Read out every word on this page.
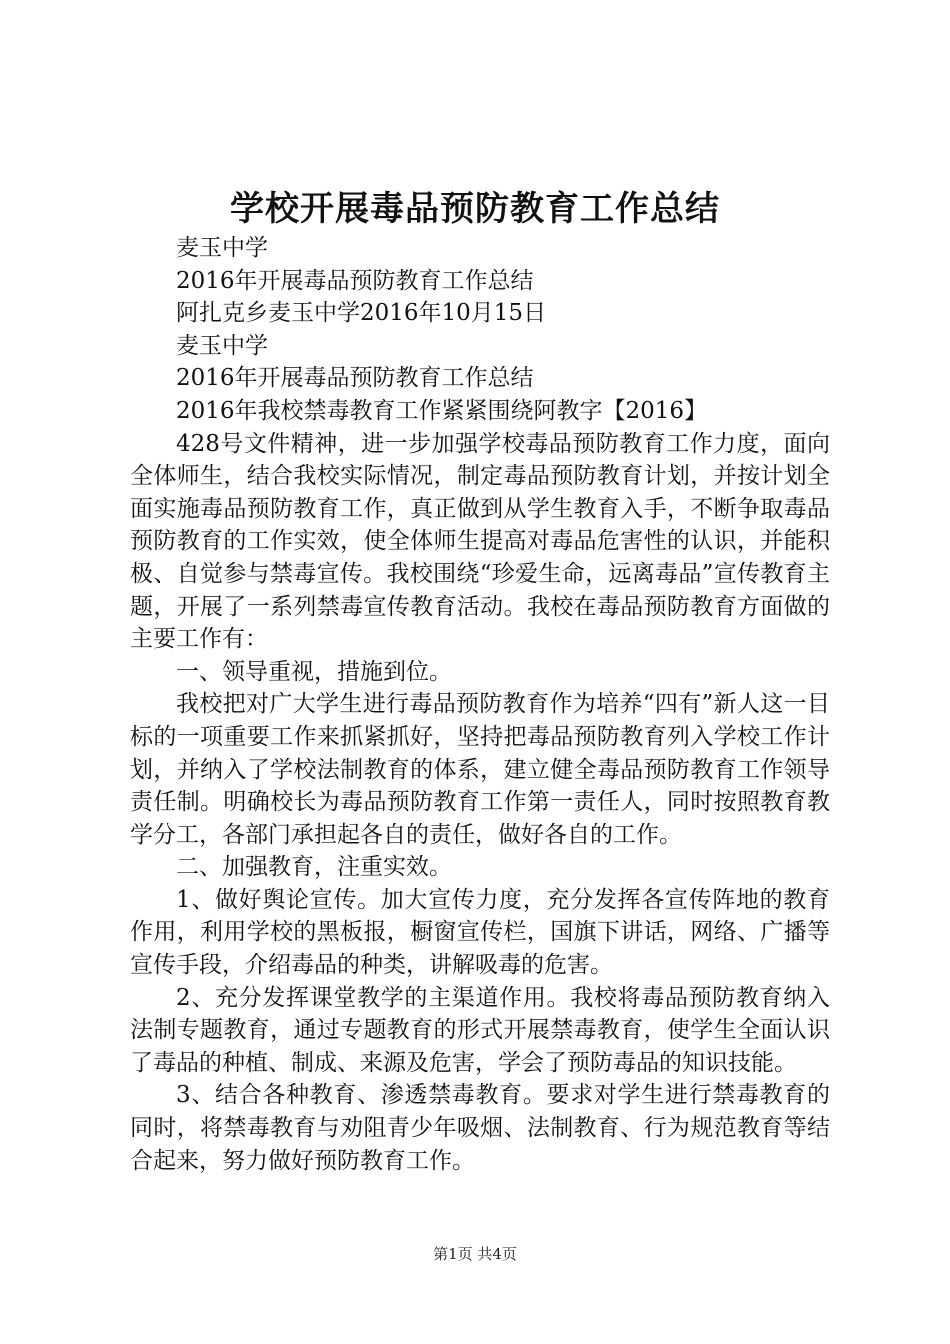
学校开展毒品预防教育工作总结

麦玉中学

2016年开展毒品预防教育工作总结

阿扎克乡麦玉中学2016年10月15日

麦玉中学

2016年开展毒品预防教育工作总结

2016年我校禁毒教育工作紧紧围绕阿教字【2016】

428号文件精神，进一步加强学校毒品预防教育工作力度，面向全体师生，结合我校实际情况，制定毒品预防教育计划，并按计划全面实施毒品预防教育工作，真正做到从学生教育入手，不断争取毒品预防教育的工作实效，使全体师生提高对毒品危害性的认识，并能积极、自觉参与禁毒宣传。我校围绕“珍爱生命，远离毒品”宣传教育主题，开展了一系列禁毒宣传教育活动。我校在毒品预防教育方面做的主要工作有：

一、领导重视，措施到位。

我校把对广大学生进行毒品预防教育作为培养“四有”新人这一目标的一项重要工作来抓紧抓好，坚持把毒品预防教育列入学校工作计划，并纳入了学校法制教育的体系，建立健全毒品预防教育工作领导责任制。明确校长为毒品预防教育工作第一责任人，同时按照教育教学分工，各部门承担起各自的责任，做好各自的工作。

二、加强教育，注重实效。

1、做好舆论宣传。加大宣传力度，充分发挥各宣传阵地的教育作用，利用学校的黑板报，橱窗宣传栏，国旗下讲话，网络、广播等宣传手段，介绍毒品的种类，讲解吸毒的危害。

2、充分发挥课堂教学的主渠道作用。我校将毒品预防教育纳入法制专题教育，通过专题教育的形式开展禁毒教育，使学生全面认识了毒品的种植、制成、来源及危害，学会了预防毒品的知识技能。

3、结合各种教育、渗透禁毒教育。要求对学生进行禁毒教育的同时，将禁毒教育与劝阻青少年吸烟、法制教育、行为规范教育等结合起来，努力做好预防教育工作。

第1页 共4页
